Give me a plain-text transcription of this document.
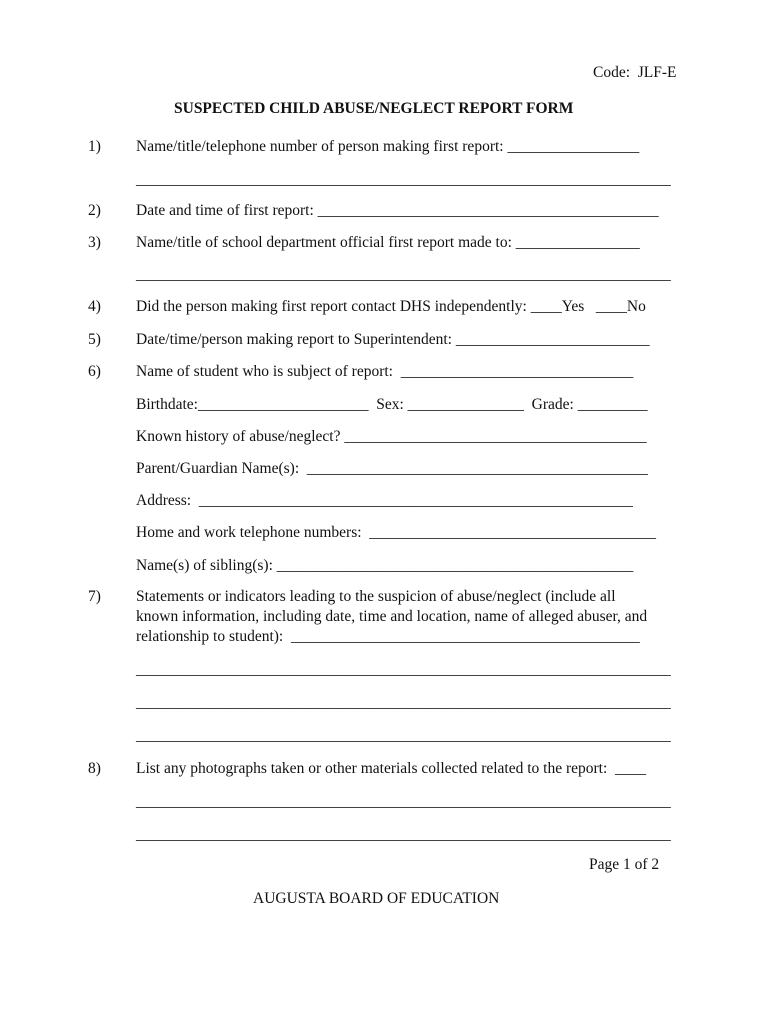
Code:  JLF-E
SUSPECTED CHILD ABUSE/NEGLECT REPORT FORM
1) Name/title/telephone number of person making first report: _________________
_____________________________________________________________________
2) Date and time of first report: ____________________________________________
3) Name/title of school department official first report made to: ________________
_____________________________________________________________________
4) Did the person making first report contact DHS independently: ____Yes   ____No
5) Date/time/person making report to Superintendent: _________________________
6) Name of student who is subject of report:  ______________________________
Birthdate:______________________  Sex: _______________  Grade: _________
Known history of abuse/neglect? _______________________________________
Parent/Guardian Name(s):  ____________________________________________
Address:  ________________________________________________________
Home and work telephone numbers:  _____________________________________
Name(s) of sibling(s): ______________________________________________
7) Statements or indicators leading to the suspicion of abuse/neglect (include all
known information, including date, time and location, name of alleged abuser, and
relationship to student):  _____________________________________________
_____________________________________________________________________
_____________________________________________________________________
_____________________________________________________________________
8) List any photographs taken or other materials collected related to the report:  ____
_____________________________________________________________________
_____________________________________________________________________
Page 1 of 2
AUGUSTA BOARD OF EDUCATION
